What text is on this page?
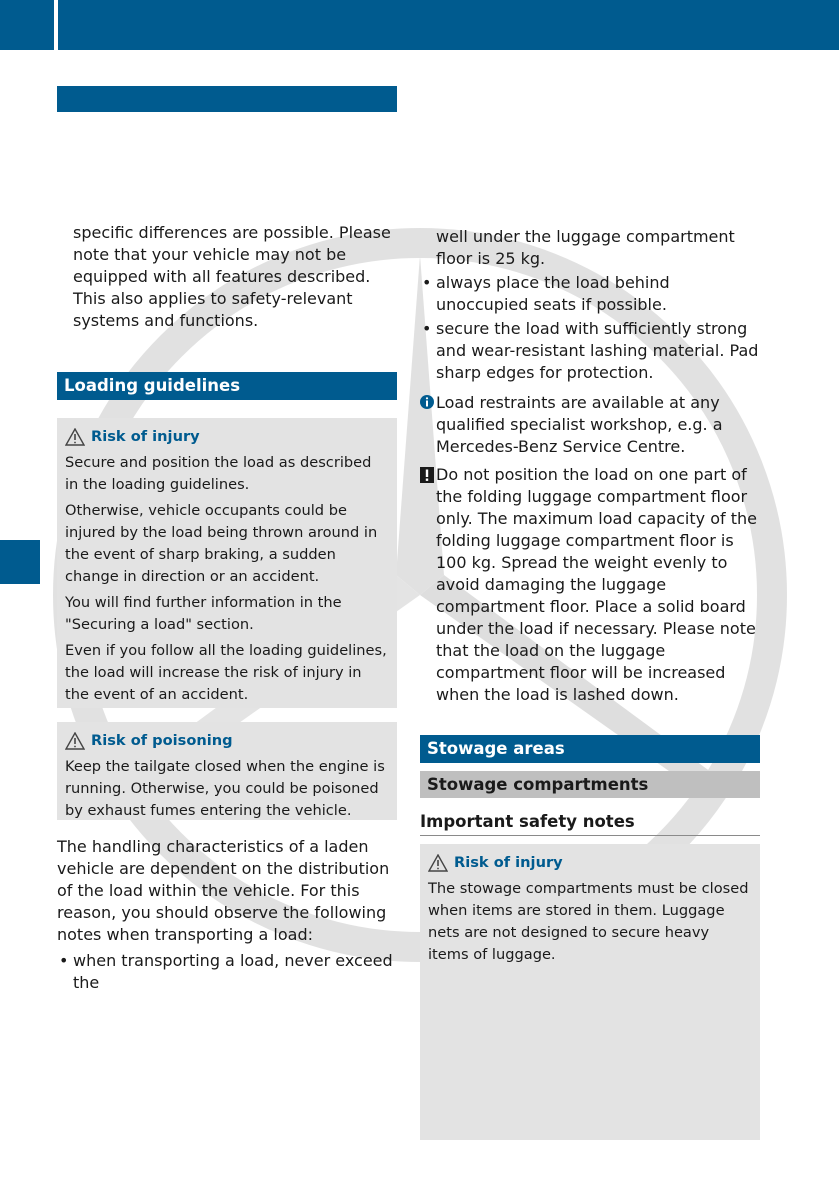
specific differences are possible. Please note that your vehicle may not be equipped with all features described. This also applies to safety-relevant systems and functions.
Loading guidelines
Risk of injury

Secure and position the load as described in the loading guidelines.

Otherwise, vehicle occupants could be injured by the load being thrown around in the event of sharp braking, a sudden change in direction or an accident.

You will find further information in the "Securing a load" section.

Even if you follow all the loading guidelines, the load will increase the risk of injury in the event of an accident.

Risk of poisoning

Keep the tailgate closed when the engine is running. Otherwise, you could be poisoned by exhaust fumes entering the vehicle.

The handling characteristics of a laden vehicle are dependent on the distribution of the load within the vehicle. For this reason, you should observe the following notes when transporting a load:
• when transporting a load, never exceed the
well under the luggage compartment floor is 25 kg.
• always place the load behind unoccupied seats if possible.
• secure the load with sufficiently strong and wear-resistant lashing material. Pad sharp edges for protection.
Load restraints are available at any qualified specialist workshop, e.g. a Mercedes-Benz Service Centre.
Do not position the load on one part of the folding luggage compartment floor only. The maximum load capacity of the folding luggage compartment floor is 100 kg. Spread the weight evenly to avoid damaging the luggage compartment floor. Place a solid board under the load if necessary. Please note that the load on the luggage compartment floor will be increased when the load is lashed down.
Stowage areas
Stowage compartments
Important safety notes
Risk of injury

The stowage compartments must be closed when items are stored in them. Luggage nets are not designed to secure heavy items of luggage.
